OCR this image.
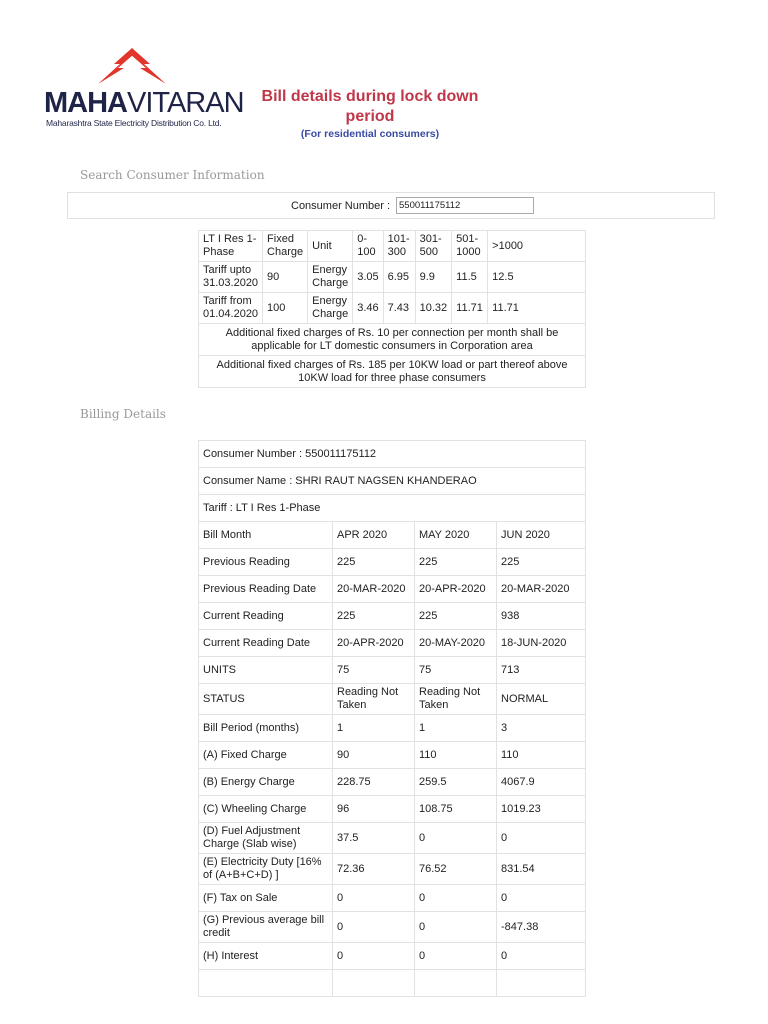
MAHAVITARAN
Maharashtra State Electricity Distribution Co. Ltd.
Bill details during lock down period
(For residential consumers)
Search Consumer Information
Consumer Number :
550011175112
LT I Res 1-Phase	Fixed Charge	Unit	0-100	101-300	301-500	501-1000	>1000
Tariff upto 31.03.2020	90	Energy Charge	3.05	6.95	9.9	11.5	12.5
Tariff from 01.04.2020	100	Energy Charge	3.46	7.43	10.32	11.71	11.71
Additional fixed charges of Rs. 10 per connection per month shall be applicable for LT domestic consumers in Corporation area							
Additional fixed charges of Rs. 185 per 10KW load or part thereof above 10KW load for three phase consumers							
Billing Details
Consumer Number : 550011175112			
Consumer Name : SHRI RAUT NAGSEN KHANDERAO			
Tariff : LT I Res 1-Phase			
Bill Month	APR 2020	MAY 2020	JUN 2020
Previous Reading	225	225	225
Previous Reading Date	20-MAR-2020	20-APR-2020	20-MAR-2020
Current Reading	225	225	938
Current Reading Date	20-APR-2020	20-MAY-2020	18-JUN-2020
UNITS	75	75	713
STATUS	Reading Not Taken	Reading Not Taken	NORMAL
Bill Period (months)	1	1	3
(A) Fixed Charge	90	110	110
(B) Energy Charge	228.75	259.5	4067.9
(C) Wheeling Charge	96	108.75	1019.23
(D) Fuel Adjustment Charge (Slab wise)	37.5	0	0
(E) Electricity Duty [16% of (A+B+C+D) ]	72.36	76.52	831.54
(F) Tax on Sale	0	0	0
(G) Previous average bill credit	0	0	-847.38
(H) Interest	0	0	0
